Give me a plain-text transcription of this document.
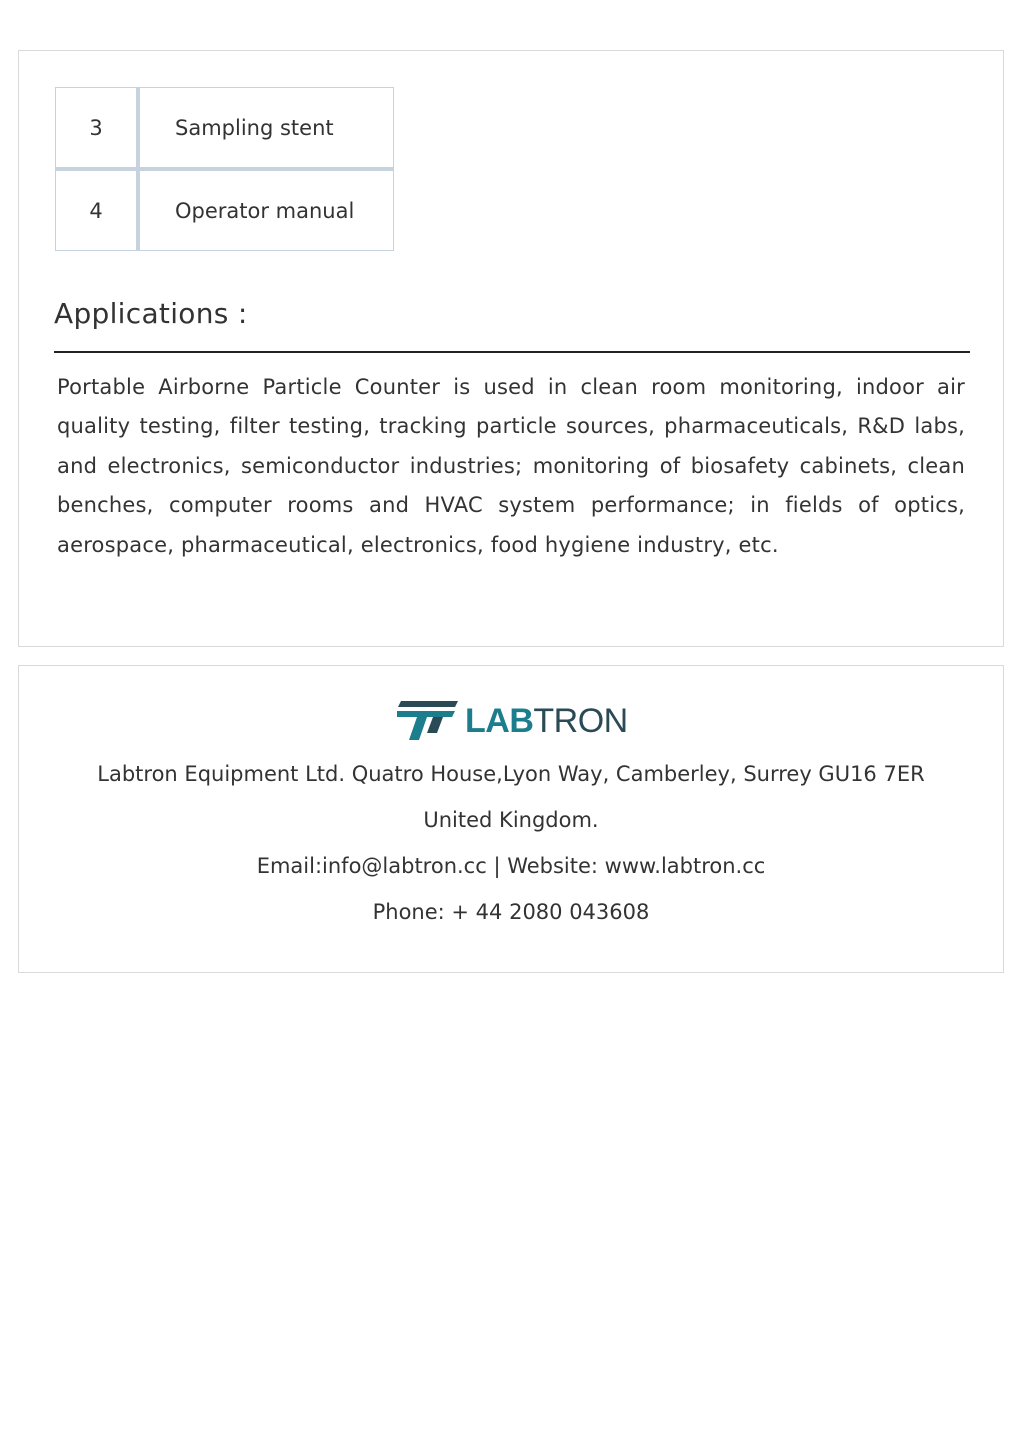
3	Sampling stent
4	Operator manual
Applications :

Portable Airborne Particle Counter is used in clean room monitoring, indoor air quality testing, filter testing, tracking particle sources, pharmaceuticals, R&D labs, and electronics, semiconductor industries; monitoring of biosafety cabinets, clean benches, computer rooms and HVAC system performance; in fields of optics, aerospace, pharmaceutical, electronics, food hygiene industry, etc.

LABTRON

Labtron Equipment Ltd. Quatro House,Lyon Way, Camberley, Surrey GU16 7ER

United Kingdom.

Email:info@labtron.cc | Website: www.labtron.cc

Phone: + 44 2080 043608
